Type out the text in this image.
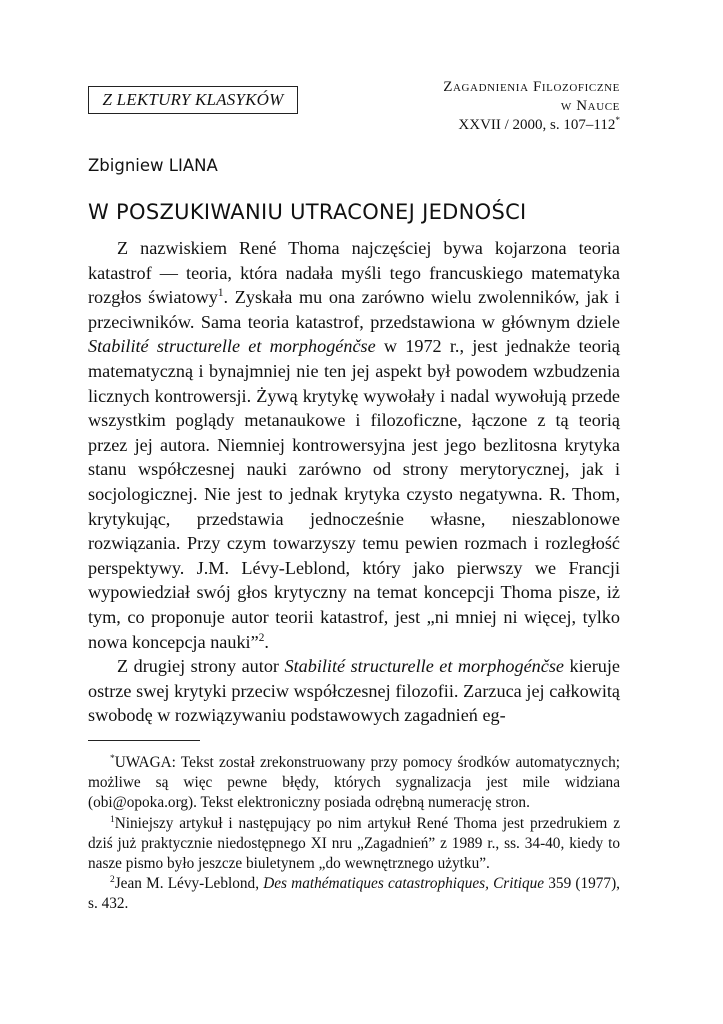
Z LEKTURY KLASYKÓW
Zagadnienia Filozoficzne
w Nauce
XXVII / 2000, s. 107–112*
Zbigniew LIANA
W POSZUKIWANIU UTRACONEJ JEDNOŚCI

Z nazwiskiem René Thoma najczęściej bywa kojarzona teoria katastrof — teoria, która nadała myśli tego francuskiego matematyka rozgłos światowy$^1$. Zyskała mu ona zarówno wielu zwolenników, jak i przeciwników. Sama teoria katastrof, przedstawiona w głównym dziele Stabilité structurelle et morphogénčse w 1972 r., jest jednakże teorią matematyczną i bynajmniej nie ten jej aspekt był powodem wzbudzenia licznych kontrowersji. Żywą krytykę wywołały i nadal wywołują przede wszystkim poglądy metanaukowe i filozoficzne, łączone z tą teorią przez jej autora. Niemniej kontrowersyjna jest jego bezlitosna krytyka stanu współczesnej nauki zarówno od strony merytorycznej, jak i socjologicznej. Nie jest to jednak krytyka czysto negatywna. R. Thom, krytykując, przedstawia jednocześnie własne, nieszablonowe rozwiązania. Przy czym towarzyszy temu pewien rozmach i rozległość perspektywy. J.M. Lévy-Leblond, który jako pierwszy we Francji wypowiedział swój głos krytyczny na temat koncepcji Thoma pisze, iż tym, co proponuje autor teorii katastrof, jest „ni mniej ni więcej, tylko nowa koncepcja nauki”$^2$.

Z drugiej strony autor Stabilité structurelle et morphogénčse kieruje ostrze swej krytyki przeciw współczesnej filozofii. Zarzuca jej całkowitą swobodę w rozwiązywaniu podstawowych zagadnień eg-

*UWAGA: Tekst został zrekonstruowany przy pomocy środków automatycznych; możliwe są więc pewne błędy, których sygnalizacja jest mile widziana (obi@opoka.org). Tekst elektroniczny posiada odrębną numerację stron.

$^1$Niniejszy artykuł i następujący po nim artykuł René Thoma jest przedrukiem z dziś już praktycznie niedostępnego XI nru „Zagadnień” z 1989 r., ss. 34-40, kiedy to nasze pismo było jeszcze biuletynem „do wewnętrznego użytku”.

$^2$Jean M. Lévy-Leblond, Des mathématiques catastrophiques, Critique 359 (1977), s. 432.
